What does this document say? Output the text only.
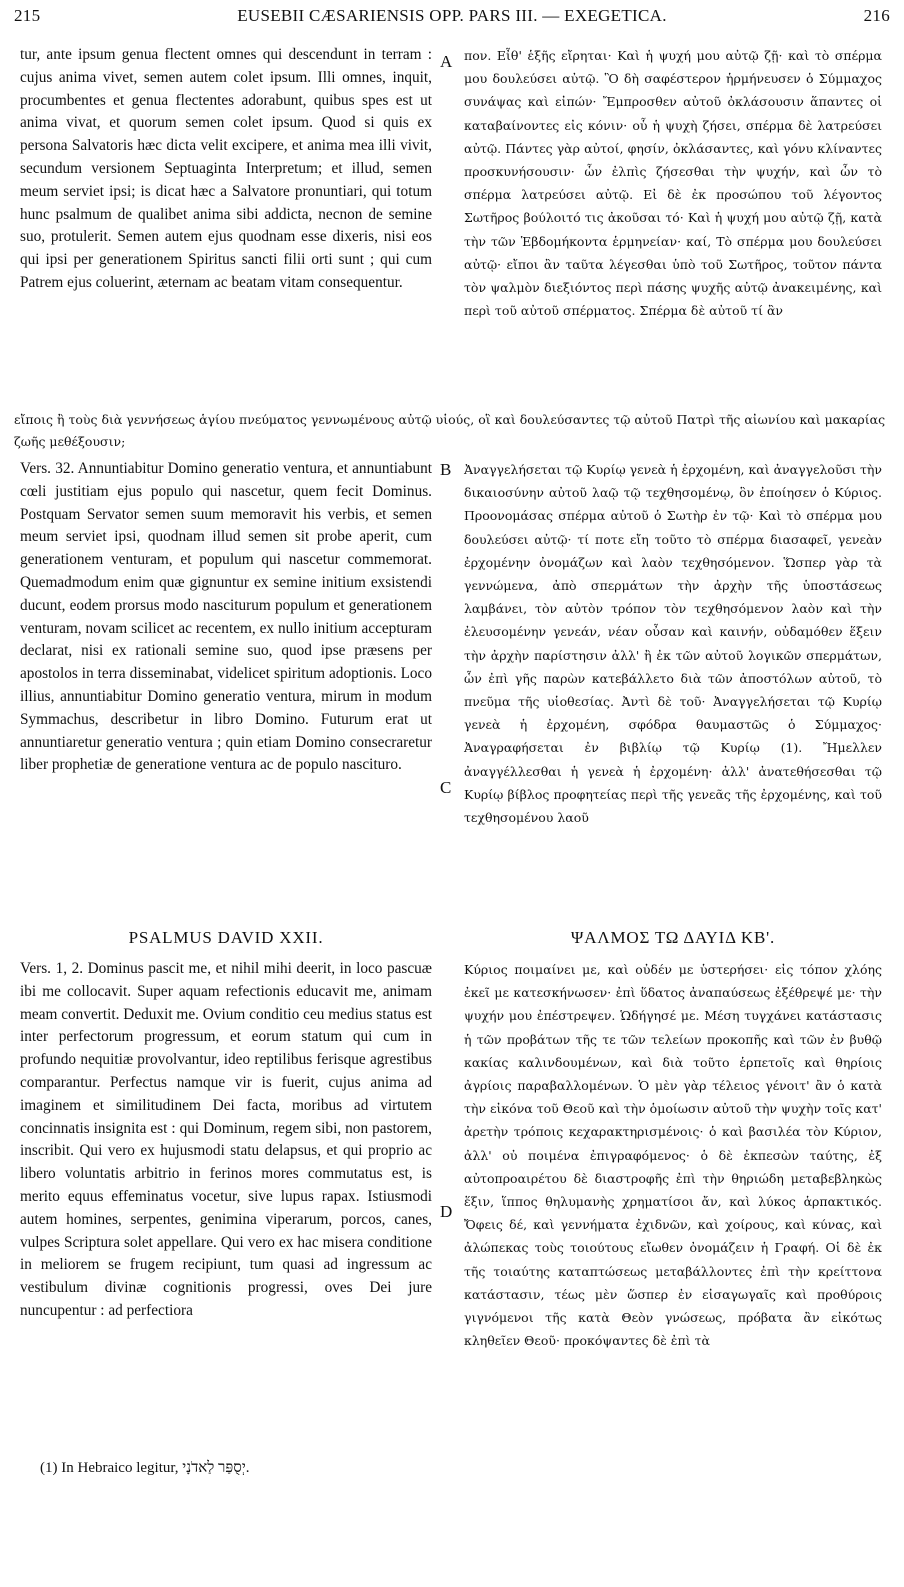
215	EUSEBII CÆSARIENSIS OPP. PARS III. — EXEGETICA.	216

tur, ante ipsum genua flectent omnes qui descendunt in terram : cujus anima vivet, semen autem colet ipsum. Illi omnes, inquit, procumbentes et genua flectentes adorabunt, quibus spes est ut anima vivat, et quorum semen colet ipsum. Quod si quis ex persona Salvatoris hæc dicta velit excipere, et anima mea illi vivit, secundum versionem Septuaginta Interpretum; et illud, semen meum serviet ipsi; is dicat hæc a Salvatore pronuntiari, qui totum hunc psalmum de qualibet anima sibi addicta, necnon de semine suo, protulerit. Semen autem ejus quodnam esse dixeris, nisi eos qui ipsi per generationem Spiritus sancti filii orti sunt ; qui cum Patrem ejus coluerint, æternam ac beatam vitam consequentur.

A πον. Εἶθ' ἑξῆς εἴρηται· Καὶ ἡ ψυχή μου αὐτῷ ζῇ· καὶ τὸ σπέρμα μου δουλεύσει αὐτῷ. Ὃ δὴ σαφέστερον ἡρμήνευσεν ὁ Σύμμαχος συνάψας καὶ εἰπών· Ἔμπροσθεν αὐτοῦ ὀκλάσουσιν ἅπαντες οἱ καταβαίνοντες εἰς κόνιν· οὗ ἡ ψυχὴ ζήσει, σπέρμα δὲ λατρεύσει αὐτῷ. Πάντες γὰρ αὐτοί, φησίν, ὀκλάσαντες, καὶ γόνυ κλίναντες προσκυνήσουσιν· ὧν ἐλπὶς ζήσεσθαι τὴν ψυχήν, καὶ ὧν τὸ σπέρμα λατρεύσει αὐτῷ. Εἰ δὲ ἐκ προσώπου τοῦ λέγοντος Σωτῆρος βούλοιτό τις ἀκοῦσαι τό· Καὶ ἡ ψυχή μου αὐτῷ ζῇ, κατὰ τὴν τῶν Ἑβδομήκοντα ἑρμηνείαν· καί, Τὸ σπέρμα μου δουλεύσει αὐτῷ· εἴποι ἂν ταῦτα λέγεσθαι ὑπὸ τοῦ Σωτῆρος, τοῦτον πάντα τὸν ψαλμὸν διεξιόντος περὶ πάσης ψυχῆς αὐτῷ ἀνακειμένης, καὶ περὶ τοῦ αὐτοῦ σπέρματος. Σπέρμα δὲ αὐτοῦ τί ἂν

εἴποις ἢ τοὺς διὰ γεννήσεως ἁγίου πνεύματος γεννωμένους αὐτῷ υἱούς, οἳ καὶ δουλεύσαντες τῷ αὐτοῦ Πατρὶ τῆς αἰωνίου καὶ μακαρίας ζωῆς μεθέξουσιν;

Vers. 32. Annuntiabitur Domino generatio ventura, et annuntiabunt cœli justitiam ejus populo qui nascetur, quem fecit Dominus. Postquam Servator semen suum memoravit his verbis, et semen meum serviet ipsi, quodnam illud semen sit probe aperit, cum generationem venturam, et populum qui nascetur commemorat. Quemadmodum enim quæ gignuntur ex semine initium exsistendi ducunt, eodem prorsus modo nasciturum populum et generationem venturam, novam scilicet ac recentem, ex nullo initium accepturam declarat, nisi ex rationali semine suo, quod ipse præsens per apostolos in terra disseminabat, videlicet spiritum adoptionis. Loco illius, annuntiabitur Domino generatio ventura, mirum in modum Symmachus, describetur in libro Domino. Futurum erat ut annuntiaretur generatio ventura ; quin etiam Domino consecraretur liber prophetiæ de generatione ventura ac de populo nascituro.

B Ἀναγγελήσεται τῷ Κυρίῳ γενεὰ ἡ ἐρχομένη, καὶ ἀναγγελοῦσι τὴν δικαιοσύνην αὐτοῦ λαῷ τῷ τεχθησομένῳ, ὃν ἐποίησεν ὁ Κύριος. Προονομάσας σπέρμα αὐτοῦ ὁ Σωτὴρ ἐν τῷ· Καὶ τὸ σπέρμα μου δουλεύσει αὐτῷ· τί ποτε εἴη τοῦτο τὸ σπέρμα διασαφεῖ, γενεὰν ἐρχομένην ὀνομάζων καὶ λαὸν τεχθησόμενον. Ὥσπερ γὰρ τὰ γεννώμενα, ἀπὸ σπερμάτων τὴν ἀρχὴν τῆς ὑποστάσεως λαμβάνει, τὸν αὐτὸν τρόπον τὸν τεχθησόμενον λαὸν καὶ τὴν ἐλευσομένην γενεάν, νέαν οὖσαν καὶ καινήν, οὐδαμόθεν ἕξειν τὴν ἀρχὴν παρίστησιν ἀλλ' ἢ ἐκ τῶν αὐτοῦ λογικῶν σπερμάτων, ὧν ἐπὶ γῆς παρὼν κατεβάλλετο διὰ τῶν ἀποστόλων αὐτοῦ, τὸ πνεῦμα τῆς υἱοθεσίας. Ἀντὶ δὲ τοῦ· Ἀναγγελήσεται τῷ Κυρίῳ γενεὰ ἡ ἐρχομένη, σφόδρα θαυμαστῶς ὁ Σύμμαχος· Ἀναγραφήσεται ἐν βιβλίῳ τῷ Κυρίῳ (1). Ἤμελλεν ἀναγγέλλεσθαι ἡ γενεὰ ἡ ἐρχομένη· ἀλλ' ἀνατεθήσεσθαι τῷ Κυρίῳ βίβλος προφητείας περὶ τῆς γενεᾶς τῆς ἐρχομένης, καὶ τοῦ τεχθησομένου λαοῦ

C
PSALMUS DAVID XXII.	ΨΑΛΜΟΣ ΤΩ ΔΑΥΙΔ ΚΒ'.

Vers. 1, 2. Dominus pascit me, et nihil mihi deerit, in loco pascuæ ibi me collocavit. Super aquam refectionis educavit me, animam meam convertit. Deduxit me. Ovium conditio ceu medius status est inter perfectorum progressum, et eorum statum qui cum in profundo nequitiæ provolvantur, ideo reptilibus ferisque agrestibus comparantur. Perfectus namque vir is fuerit, cujus anima ad imaginem et similitudinem Dei facta, moribus ad virtutem concinnatis insignita est : qui Dominum, regem sibi, non pastorem, inscribit. Qui vero ex hujusmodi statu delapsus, et qui proprio ac libero voluntatis arbitrio in ferinos mores commutatus est, is merito equus effeminatus vocetur, sive lupus rapax. Istiusmodi autem homines, serpentes, genimina viperarum, porcos, canes, vulpes Scriptura solet appellare. Qui vero ex hac misera conditione in meliorem se frugem recipiunt, tum quasi ad ingressum ac vestibulum divinæ cognitionis progressi, oves Dei jure nuncupentur : ad perfectiora

D

Κύριος ποιμαίνει με, καὶ οὐδέν με ὑστερήσει· εἰς τόπον χλόης ἐκεῖ με κατεσκήνωσεν· ἐπὶ ὕδατος ἀναπαύσεως ἐξέθρεψέ με· τὴν ψυχήν μου ἐπέστρεψεν. Ὡδήγησέ με. Μέση τυγχάνει κατάστασις ἡ τῶν προβάτων τῆς τε τῶν τελείων προκοπῆς καὶ τῶν ἐν βυθῷ κακίας καλινδουμένων, καὶ διὰ τοῦτο ἑρπετοῖς καὶ θηρίοις ἀγρίοις παραβαλλομένων. Ὁ μὲν γὰρ τέλειος γένοιτ' ἂν ὁ κατὰ τὴν εἰκόνα τοῦ Θεοῦ καὶ τὴν ὁμοίωσιν αὐτοῦ τὴν ψυχὴν τοῖς κατ' ἀρετὴν τρόποις κεχαρακτηρισμένοις· ὁ καὶ βασιλέα τὸν Κύριον, ἀλλ' οὐ ποιμένα ἐπιγραφόμενος· ὁ δὲ ἐκπεσὼν ταύτης, ἐξ αὐτοπροαιρέτου δὲ διαστροφῆς ἐπὶ τὴν θηριώδη μεταβεβληκὼς ἕξιν, ἵππος θηλυμανὴς χρηματίσοι ἄν, καὶ λύκος ἁρπακτικός. Ὄφεις δέ, καὶ γεννήματα ἐχιδνῶν, καὶ χοίρους, καὶ κύνας, καὶ ἀλώπεκας τοὺς τοιούτους εἴωθεν ὀνομάζειν ἡ Γραφή. Οἱ δὲ ἐκ τῆς τοιαύτης καταπτώσεως μεταβάλλοντες ἐπὶ τὴν κρείττονα κατάστασιν, τέως μὲν ὥσπερ ἐν εἰσαγωγαῖς καὶ προθύροις γιγνόμενοι τῆς κατὰ Θεὸν γνώσεως, πρόβατα ἂν εἰκότως κληθεῖεν Θεοῦ· προκόψαντες δὲ ἐπὶ τὰ

(1) In Hebraico legitur, יְסֻפַּר לַאדֹנָי.
